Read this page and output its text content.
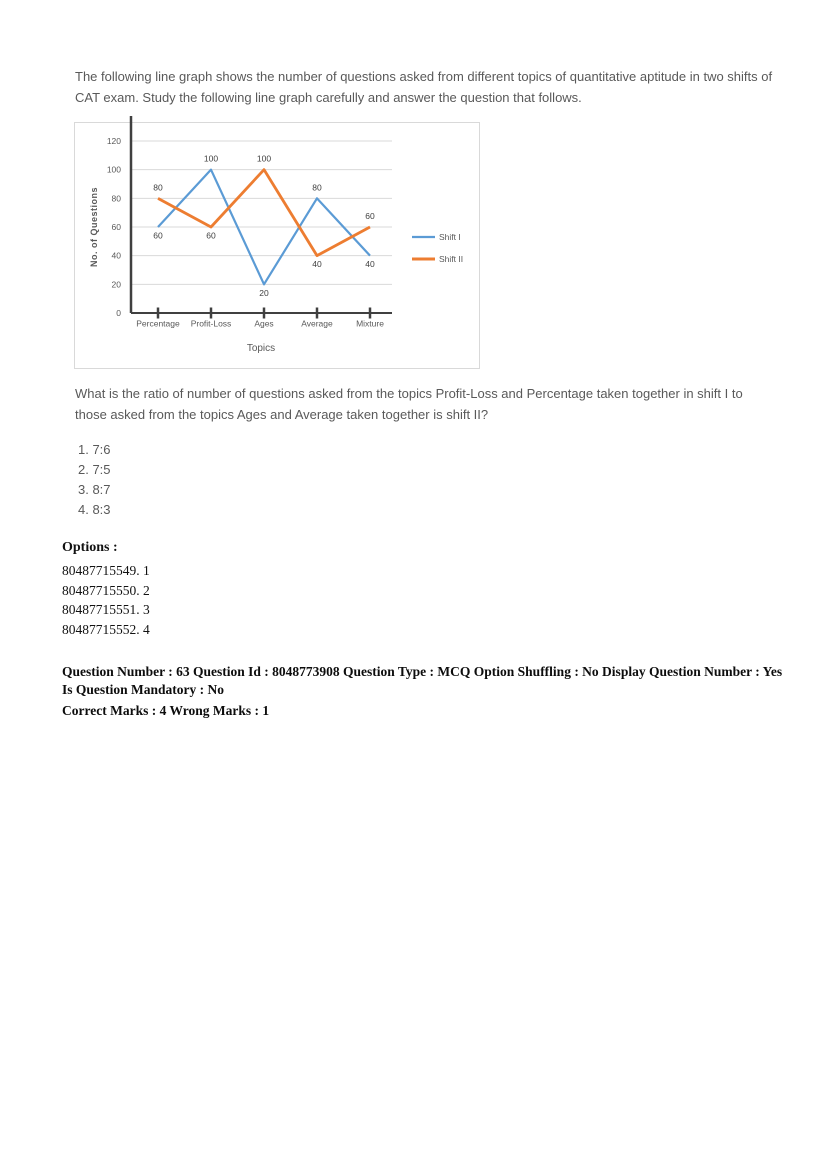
The following line graph shows the number of questions asked from different topics of quantitative aptitude in two shifts of CAT exam. Study the following line graph carefully and answer the question that follows.
0
20
40
60
80
100
120
Percentage Profit-Loss	Ages	Average	Mixture
No. of Questions
Topics
60
100
20
80
40
80
60
100
40
60
Shift I
Shift II
What is the ratio of number of questions asked from the topics Profit-Loss and Percentage taken together in shift I to those asked from the topics Ages and Average taken together is shift II?
1. 7:6
2. 7:5
3. 8:7
4. 8:3
Options :
80487715549. 1
80487715550. 2
80487715551. 3
80487715552. 4
Question Number : 63 Question Id : 8048773908 Question Type : MCQ Option Shuffling : No Display Question Number : Yes
Is Question Mandatory : No
Correct Marks : 4 Wrong Marks : 1
